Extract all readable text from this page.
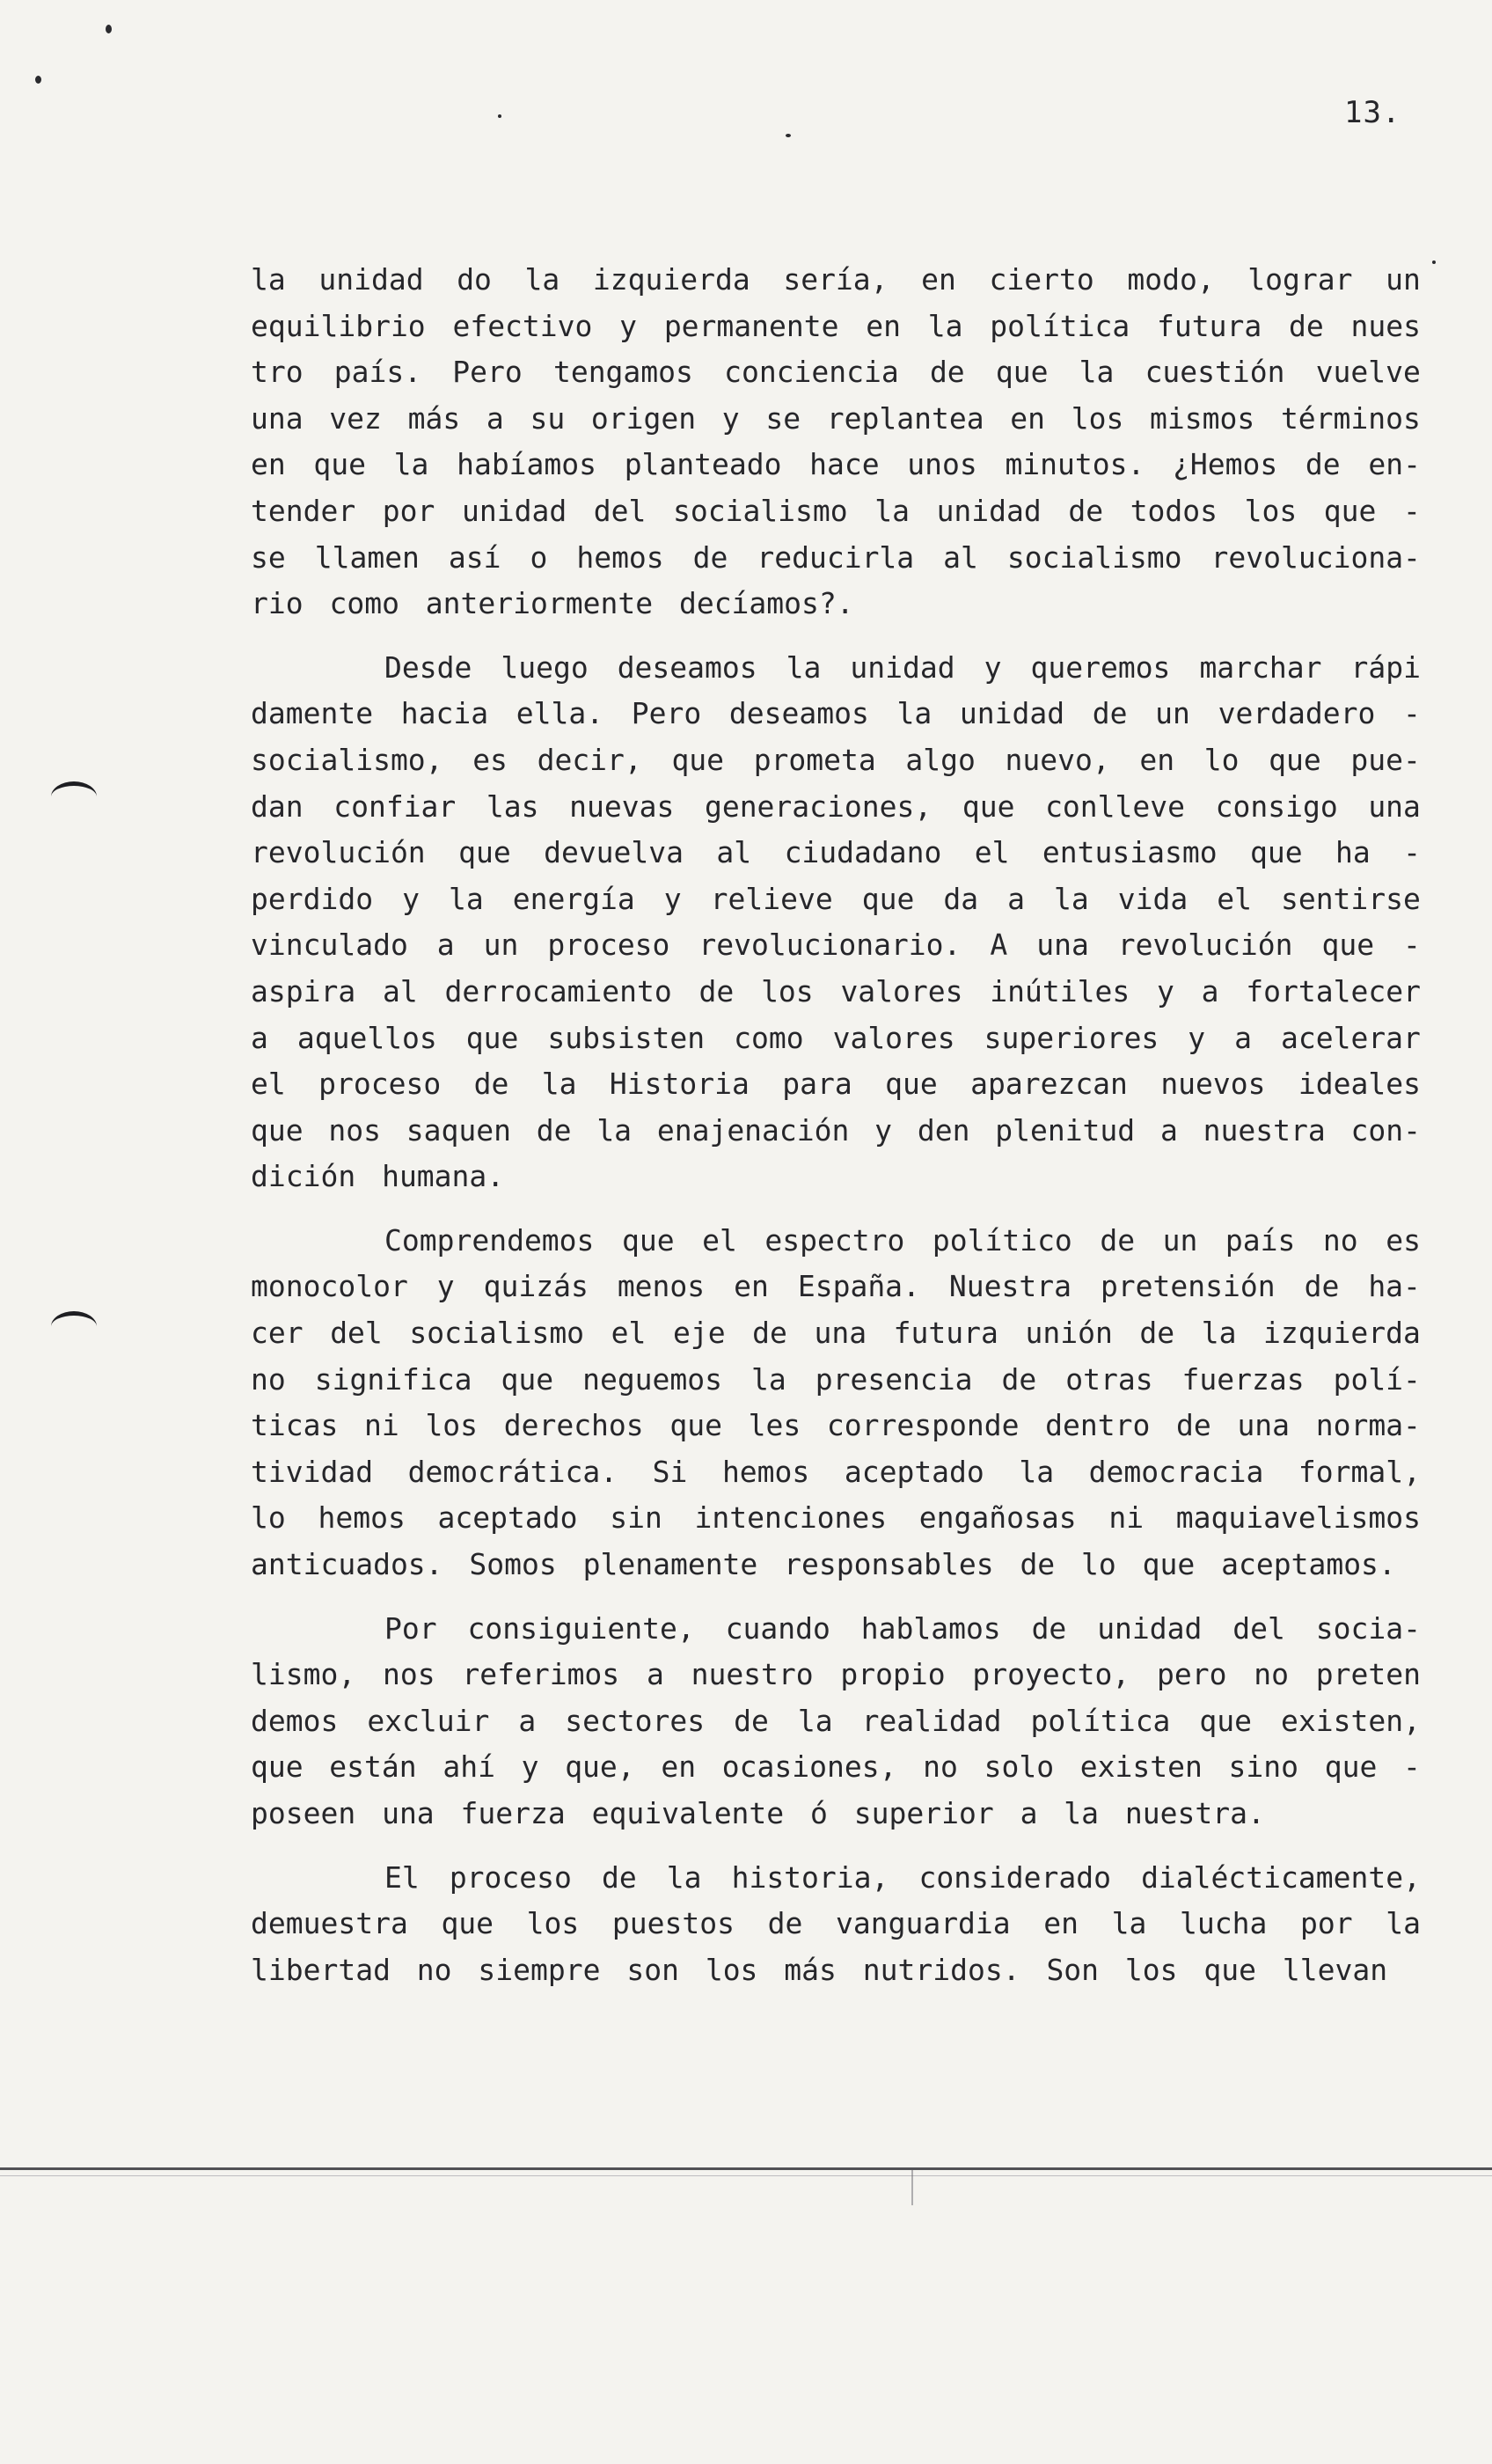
13.
la unidad do la izquierda sería, en cierto modo, lograr un
equilibrio efectivo y permanente en la política futura de nues
tro país. Pero tengamos conciencia de que la cuestión vuelve
una vez más a su origen y se replantea en los mismos términos
en que la habíamos planteado hace unos minutos. ¿Hemos de en-
tender por unidad del socialismo la unidad de todos los que -
se llamen así o hemos de reducirla al socialismo revoluciona-
rio como anteriormente decíamos?.
Desde luego deseamos la unidad y queremos marchar rápi
damente hacia ella. Pero deseamos la unidad de un verdadero -
socialismo, es decir, que prometa algo nuevo, en lo que pue-
dan confiar las nuevas generaciones, que conlleve consigo una
revolución que devuelva al ciudadano el entusiasmo que ha -
perdido y la energía y relieve que da a la vida el sentirse
vinculado a un proceso revolucionario. A una revolución que -
aspira al derrocamiento de los valores inútiles y a fortalecer
a aquellos que subsisten como valores superiores y a acelerar
el proceso de la Historia para que aparezcan nuevos ideales
que nos saquen de la enajenación y den plenitud a nuestra con-
dición humana.
Comprendemos que el espectro político de un país no es
monocolor y quizás menos en España. Nuestra pretensión de ha-
cer del socialismo el eje de una futura unión de la izquierda
no significa que neguemos la presencia de otras fuerzas polí-
ticas ni los derechos que les corresponde dentro de una norma-
tividad democrática. Si hemos aceptado la democracia formal,
lo hemos aceptado sin intenciones engañosas ni maquiavelismos
anticuados. Somos plenamente responsables de lo que aceptamos.
Por consiguiente, cuando hablamos de unidad del socia-
lismo, nos referimos a nuestro propio proyecto, pero no preten
demos excluir a sectores de la realidad política que existen,
que están ahí y que, en ocasiones, no solo existen sino que -
poseen una fuerza equivalente ó superior a la nuestra.
El proceso de la historia, considerado dialécticamente,
demuestra que los puestos de vanguardia en la lucha por la
libertad no siempre son los más nutridos. Son los que llevan
